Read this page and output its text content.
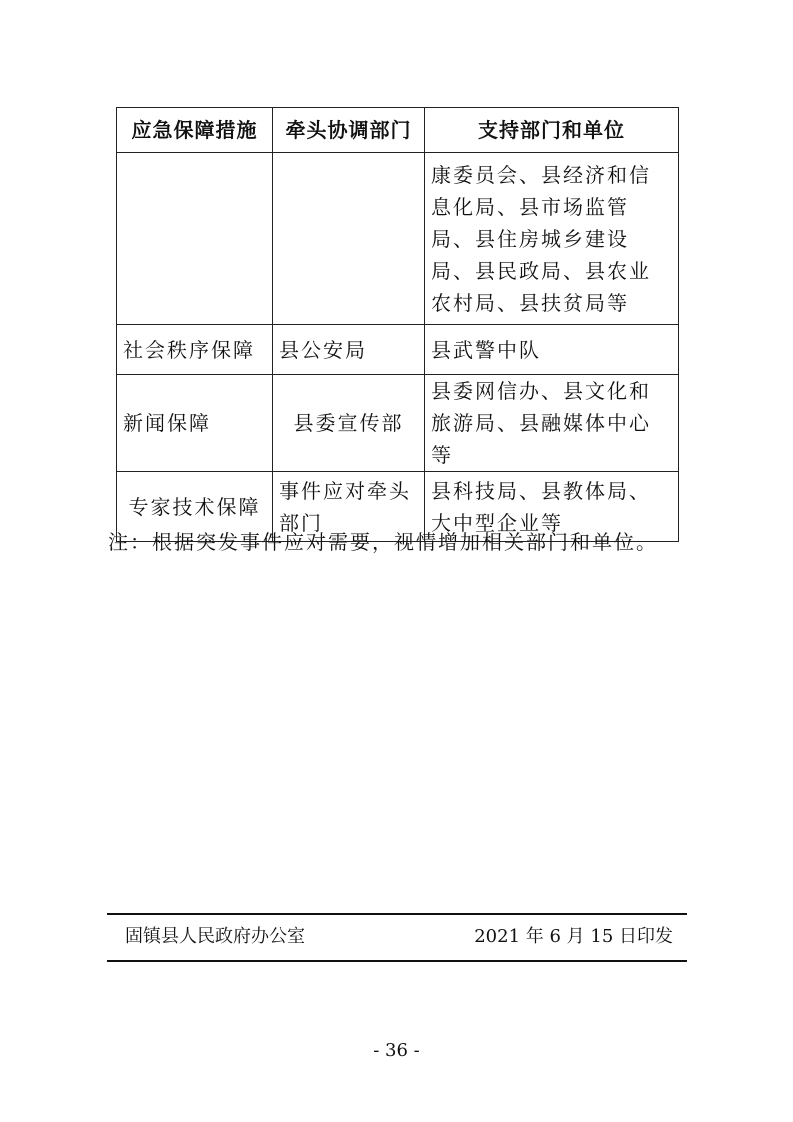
应急保障措施	牵头协调部门	支持部门和单位
		康委员会、县经济和信息化局、县市场监管局、县住房城乡建设局、县民政局、县农业农村局、县扶贫局等
社会秩序保障	县公安局	县武警中队
新闻保障	县委宣传部	县委网信办、县文化和旅游局、县融媒体中心等
专家技术保障	事件应对牵头部门	县科技局、县教体局、大中型企业等
注：根据突发事件应对需要，视情增加相关部门和单位。
固镇县人民政府办公室	2021 年 6 月 15 日印发
- 36 -
